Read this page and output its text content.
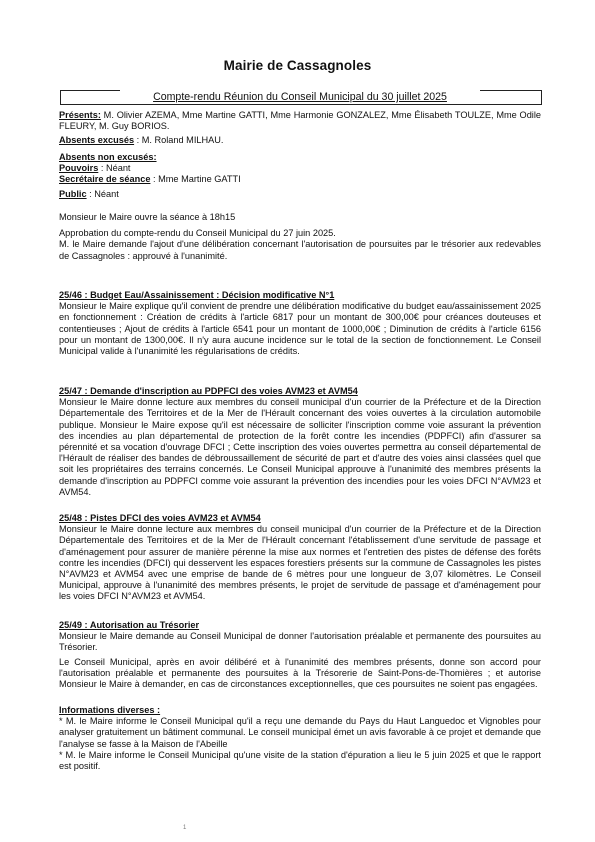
Mairie de Cassagnoles
Compte-rendu Réunion du Conseil Municipal du 30 juillet 2025

Présents: M. Olivier AZEMA, Mme Martine GATTI, Mme Harmonie GONZALEZ, Mme Élisabeth TOULZE, Mme Odile FLEURY, M. Guy BORIOS.

Absents excusés : M. Roland MILHAU.

Absents non excusés:

Pouvoirs : Néant

Secrétaire de séance : Mme Martine GATTI

Public : Néant

Monsieur le Maire ouvre la séance à 18h15

Approbation du compte-rendu du Conseil Municipal du 27 juin 2025.

M. le Maire demande l'ajout d'une délibération concernant l'autorisation de poursuites par le trésorier aux redevables de Cassagnoles : approuvé à l'unanimité.

25/46 : Budget Eau/Assainissement : Décision modificative N°1

Monsieur le Maire explique qu'il convient de prendre une délibération modificative du budget eau/assainissement 2025 en fonctionnement : Création de crédits à l'article 6817 pour un montant de 300,00€ pour créances douteuses et contentieuses ; Ajout de crédits à l'article 6541 pour un montant de 1000,00€ ; Diminution de crédits à l'article 6156 pour un montant de 1300,00€. Il n'y aura aucune incidence sur le total de la section de fonctionnement. Le Conseil Municipal valide à l'unanimité les régularisations de crédits.

25/47 : Demande d'inscription au PDPFCI des voies AVM23 et AVM54

Monsieur le Maire donne lecture aux membres du conseil municipal d'un courrier de la Préfecture et de la Direction Départementale des Territoires et de la Mer de l'Hérault concernant des voies ouvertes à la circulation automobile publique. Monsieur le Maire expose qu'il est nécessaire de solliciter l'inscription comme voie assurant la prévention des incendies au plan départemental de protection de la forêt contre les incendies (PDPFCI) afin d'assurer sa pérennité et sa vocation d'ouvrage DFCI ; Cette inscription des voies ouvertes permettra au conseil départemental de l'Hérault de réaliser des bandes de débroussaillement de sécurité de part et d'autre des voies ainsi classées quel que soit les propriétaires des terrains concernés. Le Conseil Municipal approuve à l'unanimité des membres présents la demande d'inscription au PDPFCI comme voie assurant la prévention des incendies pour les voies DFCI N°AVM23 et AVM54.

25/48 : Pistes DFCI des voies AVM23 et AVM54

Monsieur le Maire donne lecture aux membres du conseil municipal d'un courrier de la Préfecture et de la Direction Départementale des Territoires et de la Mer de l'Hérault concernant l'établissement d'une servitude de passage et d'aménagement pour assurer de manière pérenne la mise aux normes et l'entretien des pistes de défense des forêts contre les incendies (DFCI) qui desservent les espaces forestiers présents sur la commune de Cassagnoles les pistes N°AVM23 et AVM54 avec une emprise de bande de 6 mètres pour une longueur de 3,07 kilomètres. Le Conseil Municipal, approuve à l'unanimité des membres présents, le projet de servitude de passage et d'aménagement pour les voies DFCI N°AVM23 et AVM54.

25/49 : Autorisation au Trésorier

Monsieur le Maire demande au Conseil Municipal de donner l'autorisation préalable et permanente des poursuites au Trésorier.

Le Conseil Municipal, après en avoir délibéré et à l'unanimité des membres présents, donne son accord pour l'autorisation préalable et permanente des poursuites à la Trésorerie de Saint-Pons-de-Thomières ; et autorise Monsieur le Maire à demander, en cas de circonstances exceptionnelles, que ces poursuites ne soient pas engagées.

Informations diverses :

* M. le Maire informe le Conseil Municipal qu'il a reçu une demande du Pays du Haut Languedoc et Vignobles pour analyser gratuitement un bâtiment communal. Le conseil municipal émet un avis favorable à ce projet et demande que l'analyse se fasse à la Maison de l'Abeille

* M. le Maire informe le Conseil Municipal qu'une visite de la station d'épuration a lieu le 5 juin 2025 et que le rapport est positif.

1
